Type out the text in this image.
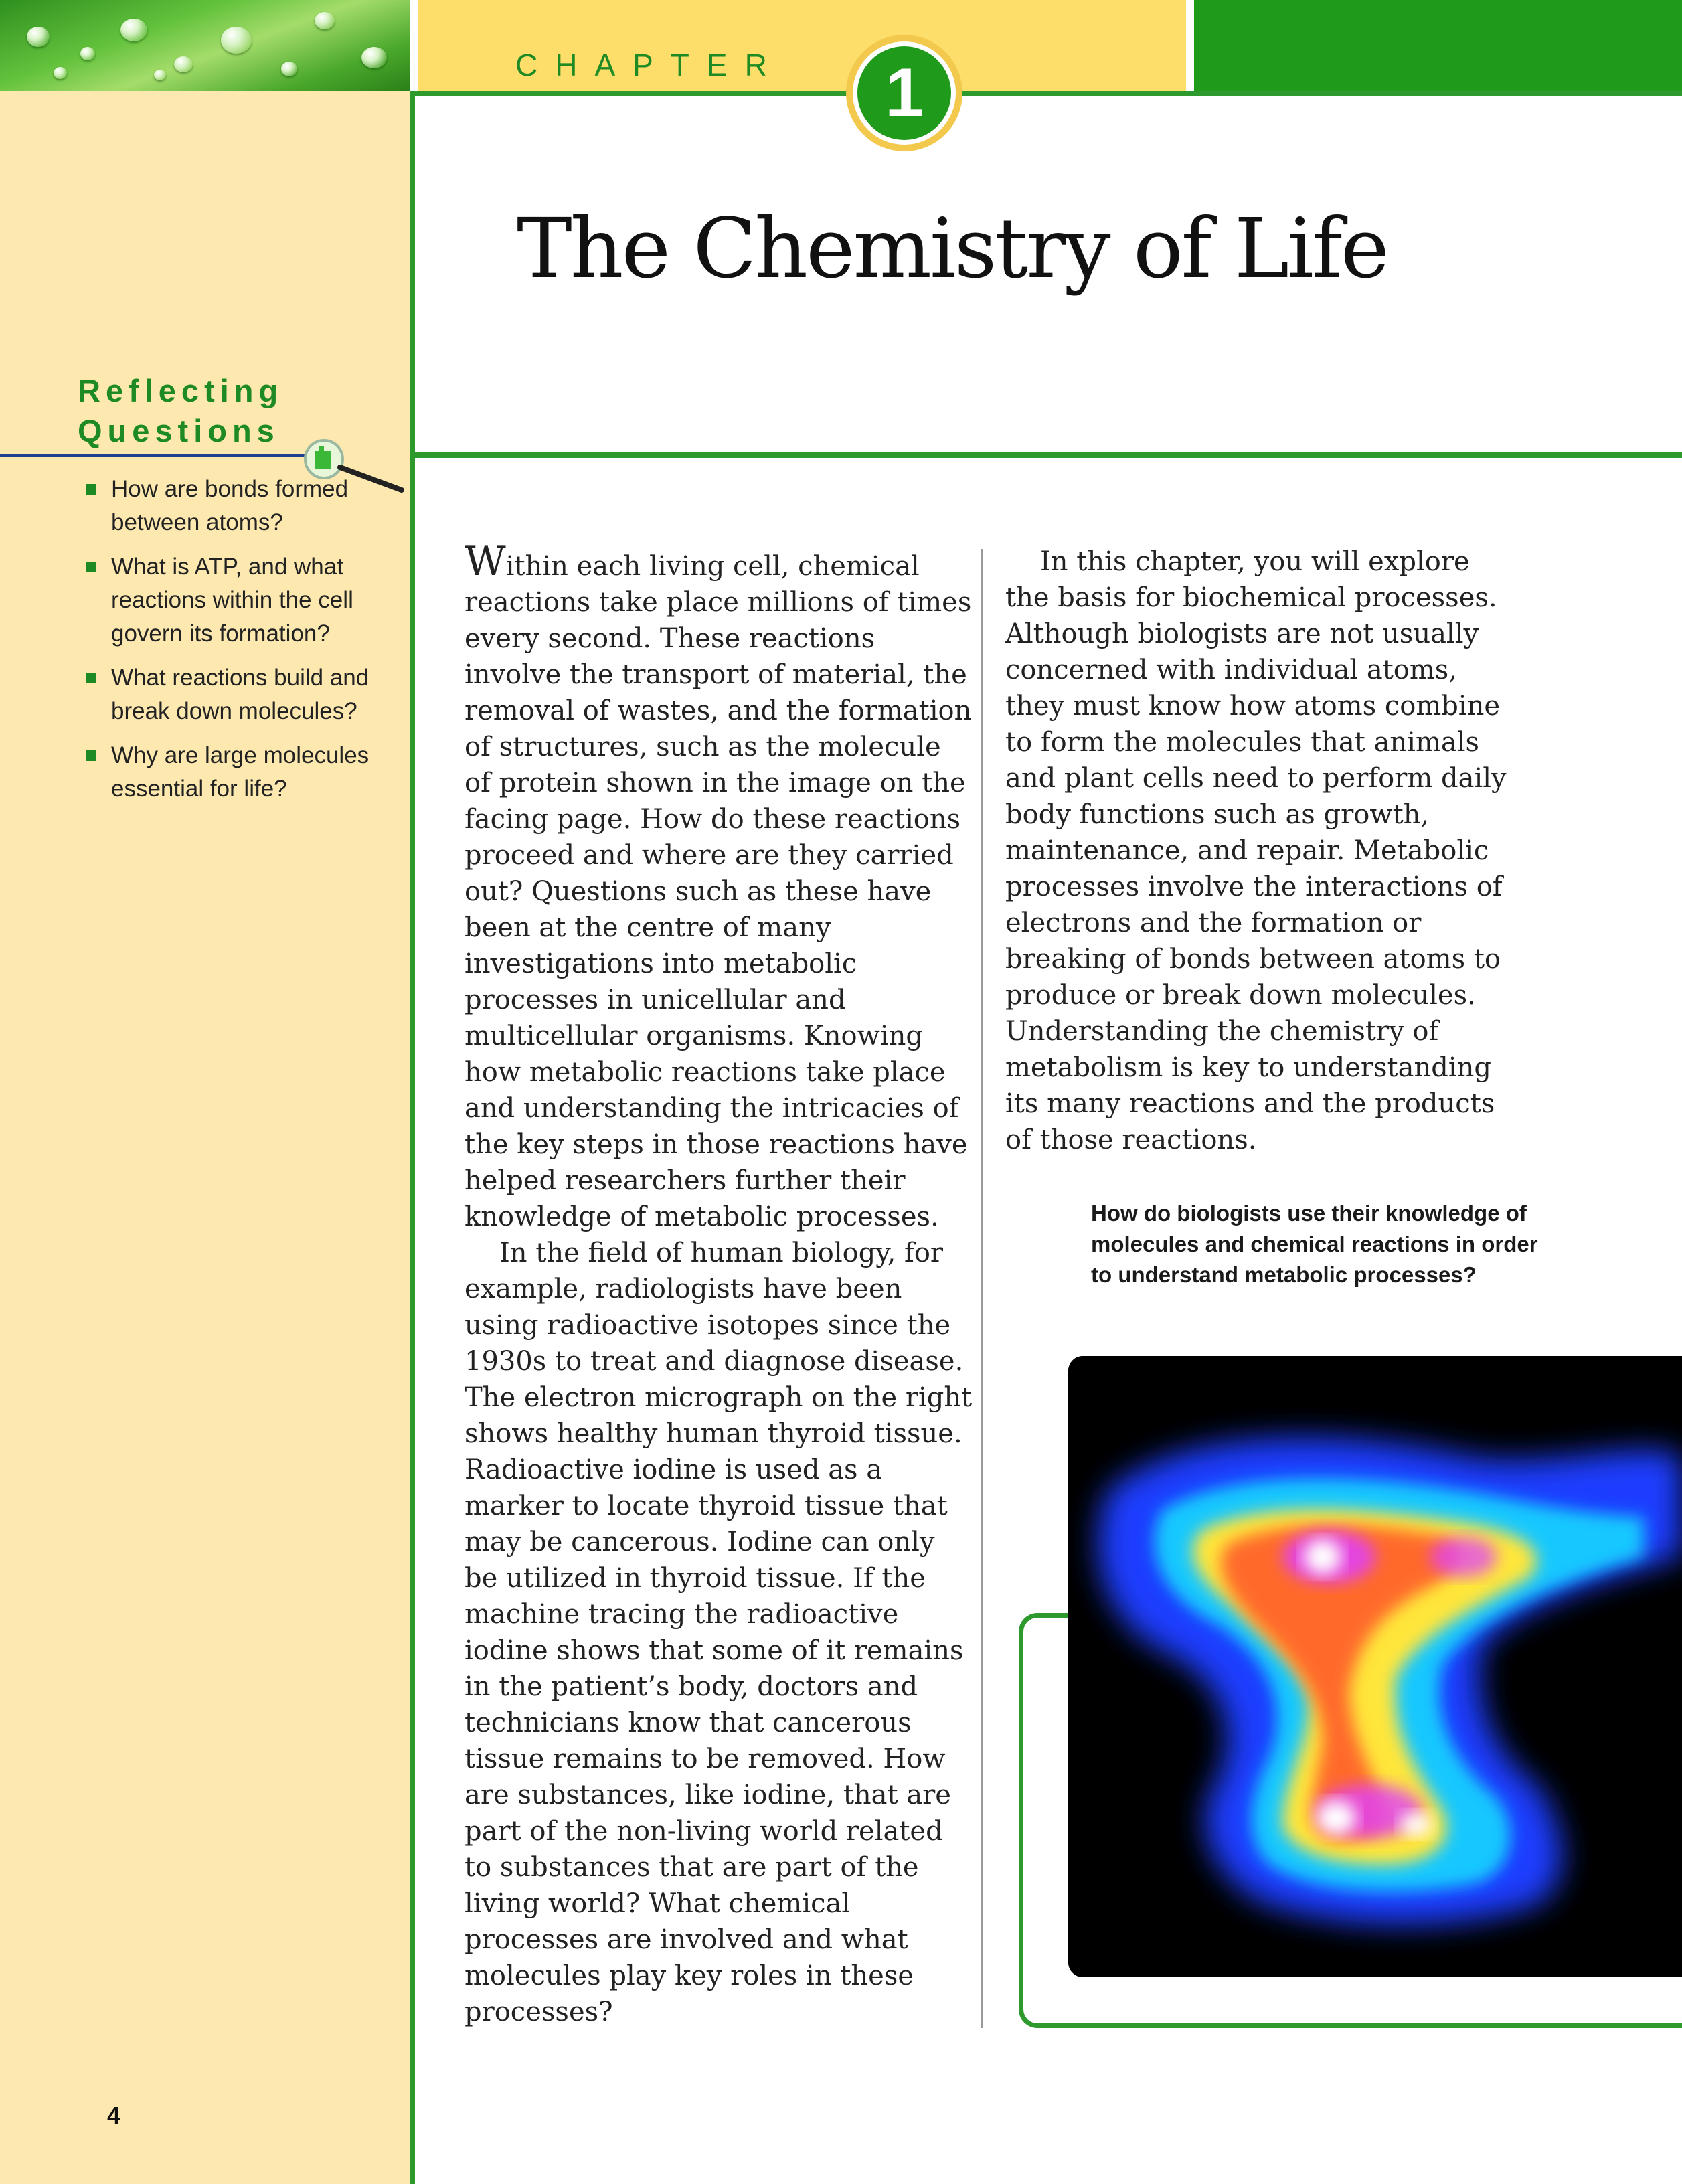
CHAPTER	1
The Chemistry of Life
Reflecting
Questions
How are bonds formed between atoms?
What is ATP, and what reactions within the cell govern its formation?
What reactions build and break down molecules?
Why are large molecules essential for life?

Within each living cell, chemical reactions take place millions of times every second. These reactions involve the transport of material, the removal of wastes, and the formation of structures, such as the molecule of protein shown in the image on the facing page. How do these reactions proceed and where are they carried out? Questions such as these have been at the centre of many investigations into metabolic processes in unicellular and multicellular organisms. Knowing how metabolic reactions take place and understanding the intricacies of the key steps in those reactions have helped researchers further their knowledge of metabolic processes.

In the field of human biology, for example, radiologists have been using radioactive isotopes since the 1930s to treat and diagnose disease. The electron micrograph on the right shows healthy human thyroid tissue. Radioactive iodine is used as a marker to locate thyroid tissue that may be cancerous. Iodine can only be utilized in thyroid tissue. If the machine tracing the radioactive iodine shows that some of it remains in the patient’s body, doctors and technicians know that cancerous tissue remains to be removed. How are substances, like iodine, that are part of the non-living world related to substances that are part of the living world? What chemical processes are involved and what molecules play key roles in these processes?

In this chapter, you will explore the basis for biochemical processes. Although biologists are not usually concerned with individual atoms, they must know how atoms combine to form the molecules that animals and plant cells need to perform daily body functions such as growth, maintenance, and repair. Metabolic processes involve the interactions of electrons and the formation or breaking of bonds between atoms to produce or break down molecules. Understanding the chemistry of metabolism is key to understanding its many reactions and the products of those reactions.

How do biologists use their knowledge of molecules and chemical reactions in order to understand metabolic processes?

4
